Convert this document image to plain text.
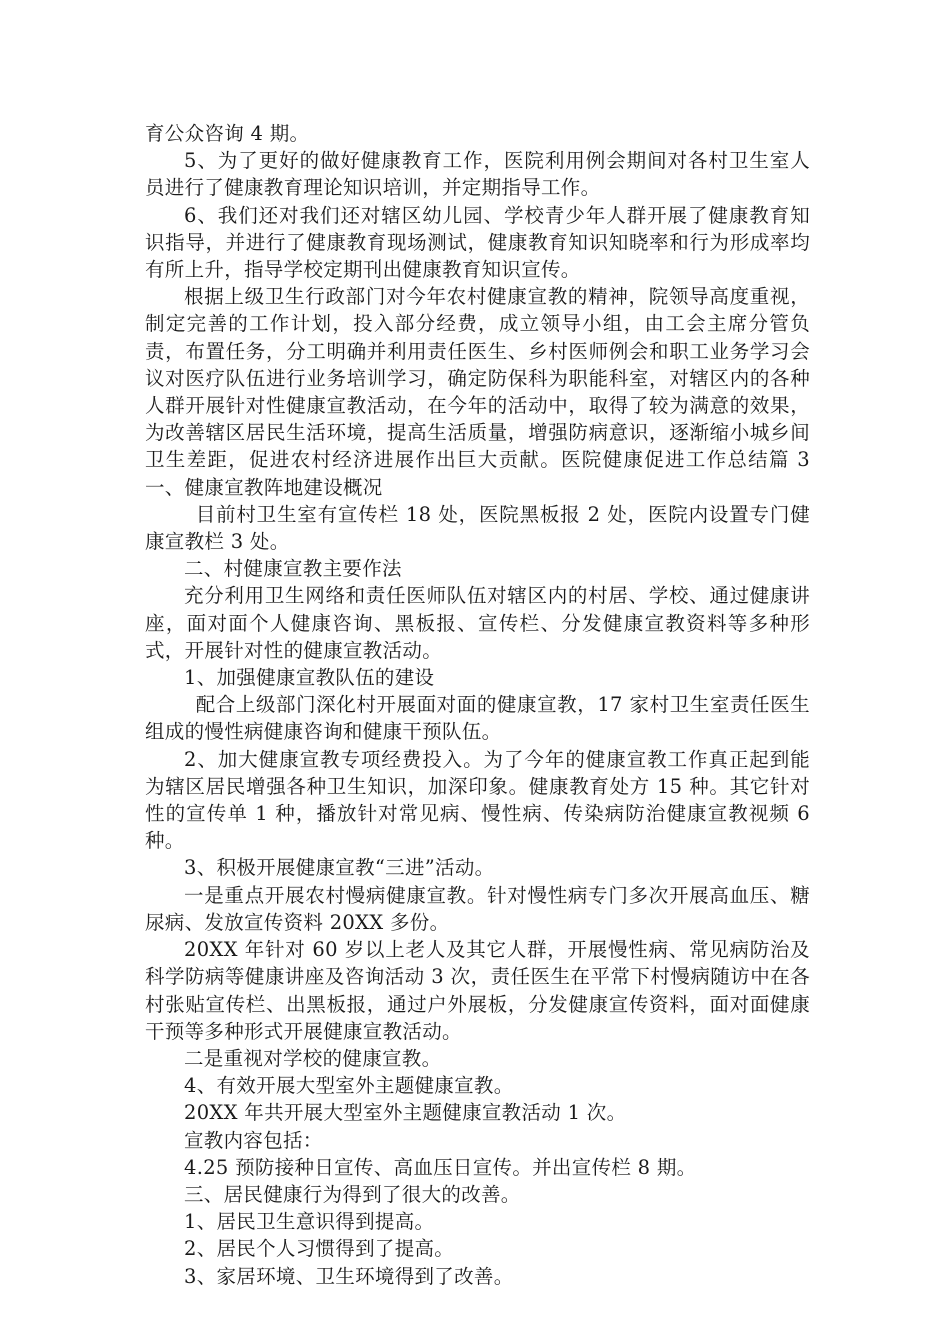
育公众咨询 4 期。

5、为了更好的做好健康教育工作，医院利用例会期间对各村卫生室人员进行了健康教育理论知识培训，并定期指导工作。

6、我们还对我们还对辖区幼儿园、学校青少年人群开展了健康教育知识指导，并进行了健康教育现场测试，健康教育知识知晓率和行为形成率均有所上升，指导学校定期刊出健康教育知识宣传。

根据上级卫生行政部门对今年农村健康宣教的精神，院领导高度重视，制定完善的工作计划，投入部分经费，成立领导小组，由工会主席分管负责，布置任务，分工明确并利用责任医生、乡村医师例会和职工业务学习会议对医疗队伍进行业务培训学习，确定防保科为职能科室，对辖区内的各种人群开展针对性健康宣教活动，在今年的活动中，取得了较为满意的效果，为改善辖区居民生活环境，提高生活质量，增强防病意识，逐渐缩小城乡间卫生差距，促进农村经济进展作出巨大贡献。医院健康促进工作总结篇 3 一、健康宣教阵地建设概况

目前村卫生室有宣传栏 18 处，医院黑板报 2 处，医院内设置专门健康宣教栏 3 处。

二、村健康宣教主要作法

充分利用卫生网络和责任医师队伍对辖区内的村居、学校、通过健康讲座，面对面个人健康咨询、黑板报、宣传栏、分发健康宣教资料等多种形式，开展针对性的健康宣教活动。

1、加强健康宣教队伍的建设

配合上级部门深化村开展面对面的健康宣教，17 家村卫生室责任医生组成的慢性病健康咨询和健康干预队伍。

2、加大健康宣教专项经费投入。为了今年的健康宣教工作真正起到能为辖区居民增强各种卫生知识，加深印象。健康教育处方 15 种。其它针对性的宣传单 1 种，播放针对常见病、慢性病、传染病防治健康宣教视频 6 种。

3、积极开展健康宣教“三进”活动。

一是重点开展农村慢病健康宣教。针对慢性病专门多次开展高血压、糖尿病、发放宣传资料 20XX 多份。

20XX 年针对 60 岁以上老人及其它人群，开展慢性病、常见病防治及科学防病等健康讲座及咨询活动 3 次，责任医生在平常下村慢病随访中在各村张贴宣传栏、出黑板报，通过户外展板，分发健康宣传资料，面对面健康干预等多种形式开展健康宣教活动。

二是重视对学校的健康宣教。

4、有效开展大型室外主题健康宣教。

20XX 年共开展大型室外主题健康宣教活动 1 次。

宣教内容包括：

4.25 预防接种日宣传、高血压日宣传。并出宣传栏 8 期。

三、居民健康行为得到了很大的改善。

1、居民卫生意识得到提高。

2、居民个人习惯得到了提高。

3、家居环境、卫生环境得到了改善。
